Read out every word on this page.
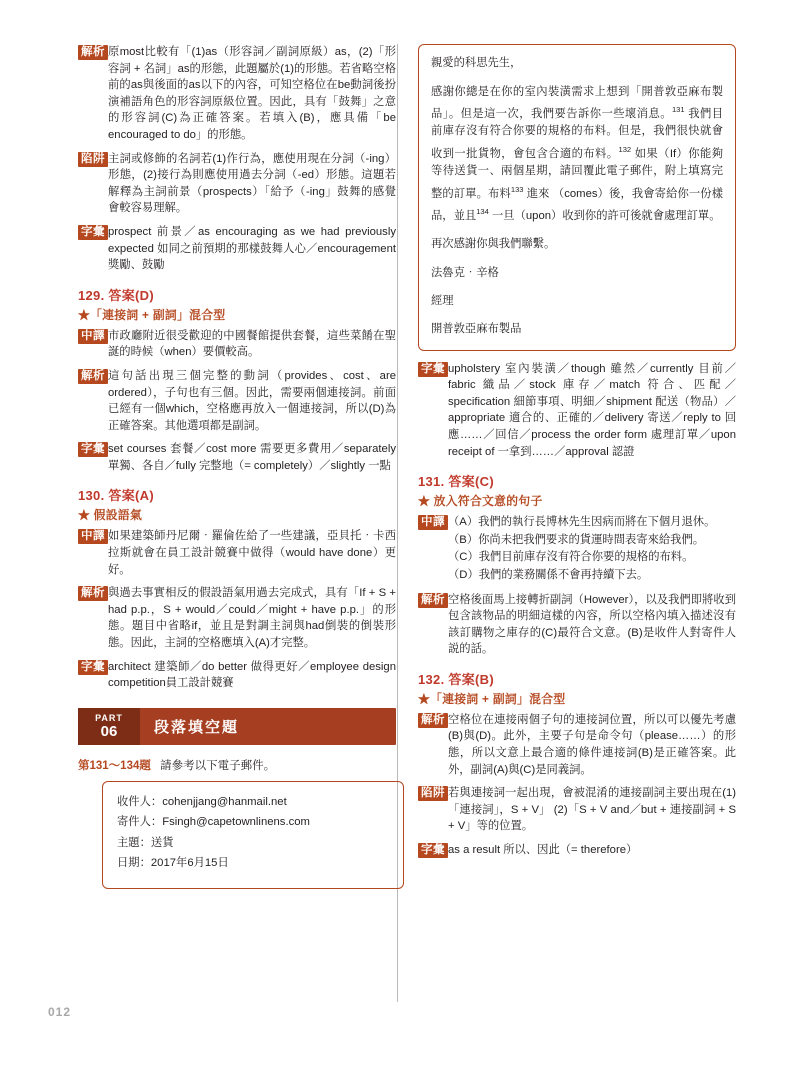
解析 原most比較有「(1)as（形容詞／副詞原級）as，(2)「形容詞 + 名詞」as的形態，此題屬於(1)的形態。若省略空格前的as與後面的as以下的內容，可知空格位在be動詞後扮演補語角色的形容詞原級位置。因此，具有「鼓舞」之意的形容詞(C)為正確答案。若填入(B)，應具備「be encouraged to do」的形態。
陷阱 主詞或修飾的名詞若(1)作行為，應使用現在分詞（-ing）形態，(2)接行為則應使用過去分詞（-ed）形態。這題若解釋為主詞前景（prospects）「給予（-ing」鼓舞的感覺會較容易理解。
字彙 prospect 前景／as encouraging as we had previously expected 如同之前預期的那樣鼓舞人心／encouragement 獎勵、鼓勵
129. 答案(D)
★「連接詞 + 副詞」混合型
中譯 市政廳附近很受歡迎的中國餐館提供套餐，這些菜餚在聖誕的時候（when）要價較高。
解析 這句話出現三個完整的動詞（provides、cost、are ordered），子句也有三個。因此，需要兩個連接詞。前面已經有一個which，空格應再放入一個連接詞，所以(D)為正確答案。其他選項都是副詞。
字彙 set courses 套餐／cost more 需要更多費用／separately 單獨、各自／fully 完整地（= completely）／slightly 一點
130. 答案(A)
★ 假設語氣
中譯 如果建築師丹尼爾‧羅倫佐給了一些建議，亞貝托‧卡西拉斯就會在員工設計競賽中做得（would have done）更好。
解析 與過去事實相反的假設語氣用過去完成式，具有「If + S + had p.p.，S + would／could／might + have p.p.」的形態。題目中省略if，並且是對調主詞與had倒裝的倒裝形態。因此，主詞的空格應填入(A)才完整。
字彙 architect 建築師／do better 做得更好／employee design competition員工設計競賽
PART
06 段落填空題
第131～134題 請參考以下電子郵件。
收件人：cohenjjang@hanmail.net
寄件人：Fsingh@capetownlinens.com
主題：送貨
日期：2017年6月15日

親愛的科思先生，

感謝你總是在你的室內裝潢需求上想到「開普敦亞麻布製品」。但是這一次，我們要告訴你一些壞消息。$^{131}$ 我們目前庫存沒有符合你要的規格的布料。但是，我們很快就會收到一批貨物，會包含合適的布料。$^{132}$ 如果（If）你能夠等待送貨一、兩個星期，請回覆此電子郵件，附上填寫完整的訂單。布料$^{133}$ 進來 （comes）後，我會寄給你一份樣品，並且$^{134}$ 一旦（upon）收到你的許可後就會處理訂單。

再次感謝你與我們聯繫。

法魯克‧辛格

經理

開普敦亞麻布製品

字彙 upholstery 室內裝潢／though 雖然／currently 目前／fabric 織品／stock 庫存／match 符合、匹配／specification 細節事項、明細／shipment 配送（物品）／appropriate 適合的、正確的／delivery 寄送／reply to 回應……／回信／process the order form 處理訂單／upon receipt of 一拿到……／approval 認證
131. 答案(C)
★ 放入符合文意的句子
中譯 （A）我們的執行長博林先生因病而將在下個月退休。
（B）你尚未把我們要求的貨運時間表寄來給我們。
（C）我們目前庫存沒有符合你要的規格的布料。
（D）我們的業務關係不會再持續下去。
解析 空格後面馬上接轉折副詞（However），以及我們即將收到包含該物品的明細這樣的內容，所以空格內填入描述沒有該訂購物之庫存的(C)最符合文意。(B)是收件人對寄件人説的話。
132. 答案(B)
★「連接詞 + 副詞」混合型
解析 空格位在連接兩個子句的連接詞位置，所以可以優先考慮(B)與(D)。此外，主要子句是命令句（please……）的形態，所以文意上最合適的條件連接詞(B)是正確答案。此外，副詞(A)與(C)是同義詞。
陷阱 若與連接詞一起出現，會被混淆的連接副詞主要出現在(1)「連接詞」，S + V」 (2)「S + V and／but + 連接副詞 + S + V」等的位置。
字彙 as a result 所以、因此（= therefore）
012
